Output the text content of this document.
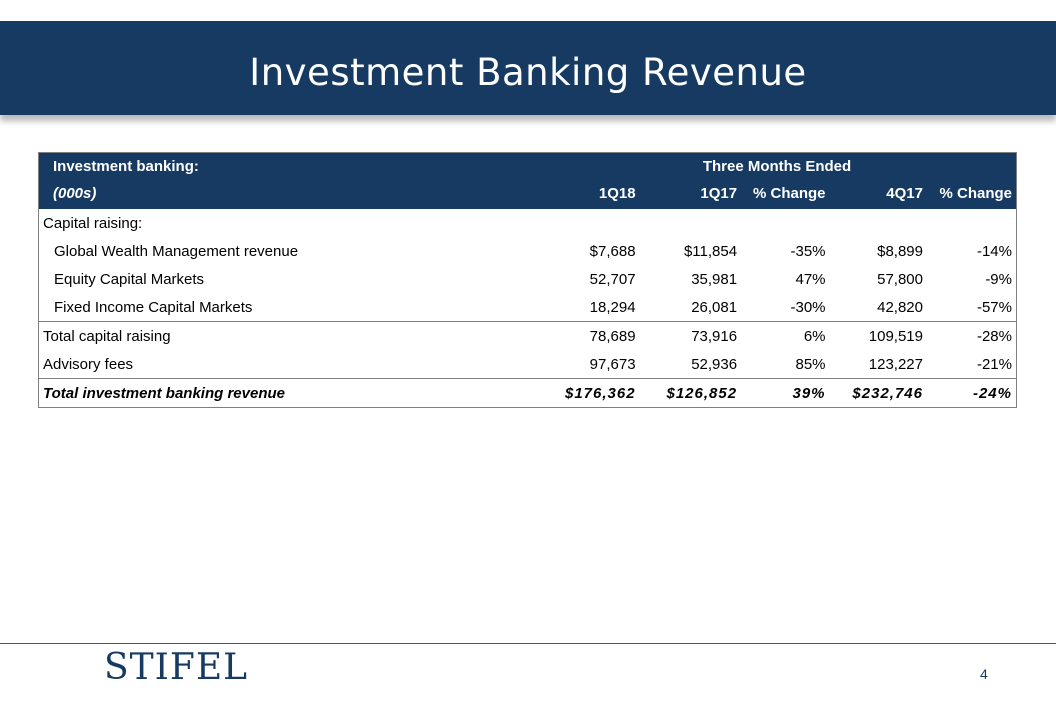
Investment Banking Revenue
Investment banking:	Three Months Ended				
(000s)	1Q18	1Q17	% Change	4Q17	% Change
Capital raising:					
Global Wealth Management revenue	$7,688	$11,854	-35%	$8,899	-14%
Equity Capital Markets	52,707	35,981	47%	57,800	-9%
Fixed Income Capital Markets	18,294	26,081	-30%	42,820	-57%
Total capital raising	78,689	73,916	6%	109,519	-28%
Advisory fees	97,673	52,936	85%	123,227	-21%
Total investment banking revenue	$176,362	$126,852	39%	$232,746	-24%
STIFEL	4
